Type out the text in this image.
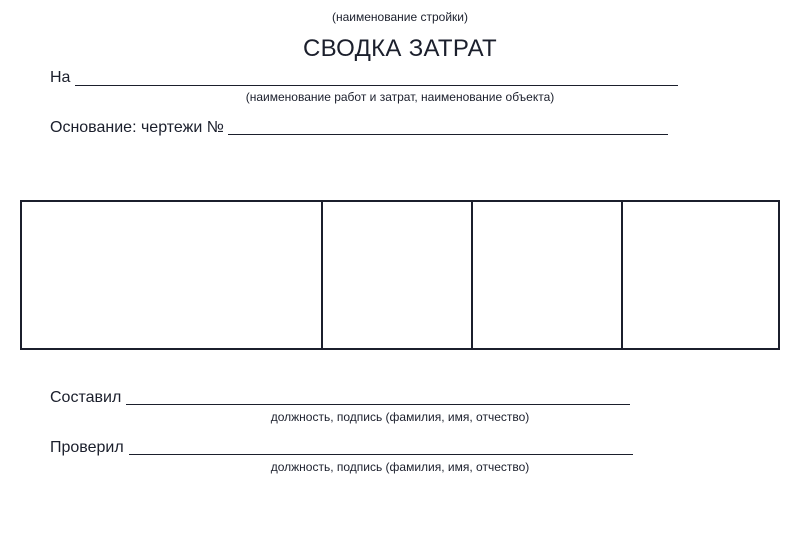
(наименование стройки)
СВОДКА ЗАТРАТ
На
(наименование работ и затрат, наименование объекта)
Основание: чертежи №
Составил
должность, подпись (фамилия, имя, отчество)
Проверил
должность, подпись (фамилия, имя, отчество)
